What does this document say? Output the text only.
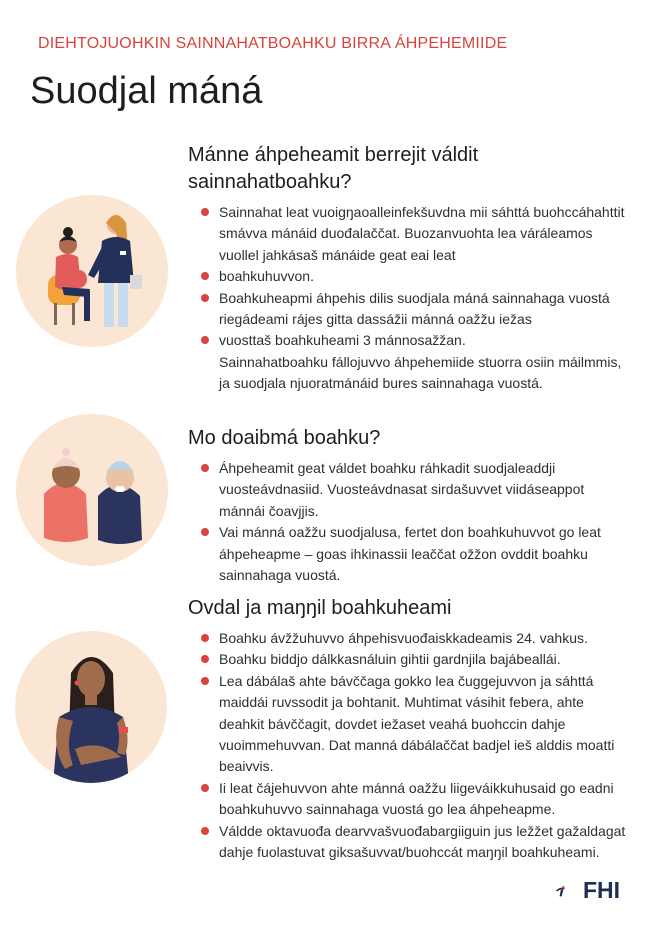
DIEHTOJUOHKIN SAINNAHATBOAHKU BIRRA ÁHPEHEMIIDE
Suodjal máná
Mánne áhpeheamit berrejit váldit
sainnahatboahku?
Sainnahat leat vuoigŋaoalleinfekšuvdna mii sáhttá buohccáhahttit smávva mánáid duođalaččat. Buozanvuohta lea váráleamos vuollel jahkásaš mánáide geat eai leat
boahkuhuvvon.
Boahkuheapmi áhpehis dilis suodjala máná sainnahaga vuostá riegádeami rájes gitta dassážii mánná oažžu iežas
vuosttaš boahkuheami 3 mánnosažžan.
Sainnahatboahku fállojuvvo áhpehemiide stuorra osiin máilmmis, ja suodjala njuoratmánáid bures sainnahaga vuostá.
Mo doaibmá boahku?
Áhpeheamit geat váldet boahku ráhkadit suodjaleaddji vuosteávdnasiid. Vuosteávdnasat sirdašuvvet viidáseappot mánnái čoavjjis.
Vai mánná oažžu suodjalusa, fertet don boahkuhuvvot go leat áhpeheapme – goas ihkinassii leaččat ožžon ovddit boahku sainnahaga vuostá.
Ovdal ja maŋŋil boahkuheami
Boahku ávžžuhuvvo áhpehisvuođaiskkadeamis 24. vahkus.
Boahku biddjo dálkkasnáluin gihtii gardnjila bajábeallái.
Lea dábálaš ahte bávččaga gokko lea čuggejuvvon ja sáhttá maiddái ruvssodit ja bohtanit. Muhtimat vásihit febera, ahte deahkit bávččagit, dovdet iežaset veahá buohccin dahje vuoimmehuvvan. Dat manná dábálaččat badjel ieš alddis moatti beaivvis.
Ii leat čájehuvvon ahte mánná oažžu liigeváikkuhusaid go eadni boahkuhuvvo sainnahaga vuostá go lea áhpeheapme.
Váldde oktavuođa dearvvašvuođabargiiguin jus ležžet gažaldagat dahje fuolastuvat giksašuvvat/buohccát maŋŋil boahkuheami.
FHI
